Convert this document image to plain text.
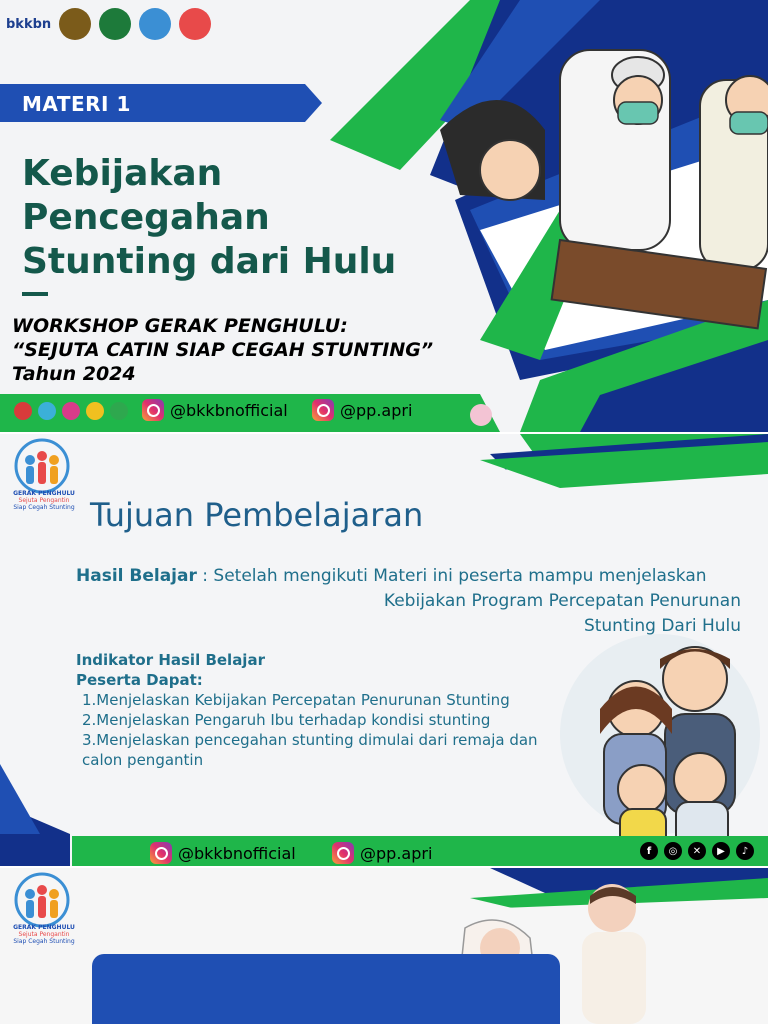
bkkbn
MATERI 1
Kebijakan
Pencegahan
Stunting dari Hulu
WORKSHOP GERAK PENGHULU:
“SEJUTA CATIN SIAP CEGAH STUNTING”
Tahun 2024
@bkkbnofficial	@pp.apri
GERAK PENGHULU
Sejuta Pengantin
Siap Cegah Stunting Tujuan Pembelajaran
Hasil Belajar : Setelah mengikuti Materi ini peserta mampu menjelaskan
Kebijakan Program Percepatan Penurunan Stunting Dari Hulu
Indikator Hasil Belajar
Peserta Dapat:
1.Menjelaskan Kebijakan Percepatan Penurunan Stunting
2.Menjelaskan Pengaruh Ibu terhadap kondisi stunting
3.Menjelaskan pencegahan stunting dimulai dari remaja dan calon pengantin
@bkkbnofficial	@pp.apri	f	◎	✕	▶	♪
GERAK PENGHULU
Sejuta Pengantin
Siap Cegah Stunting
